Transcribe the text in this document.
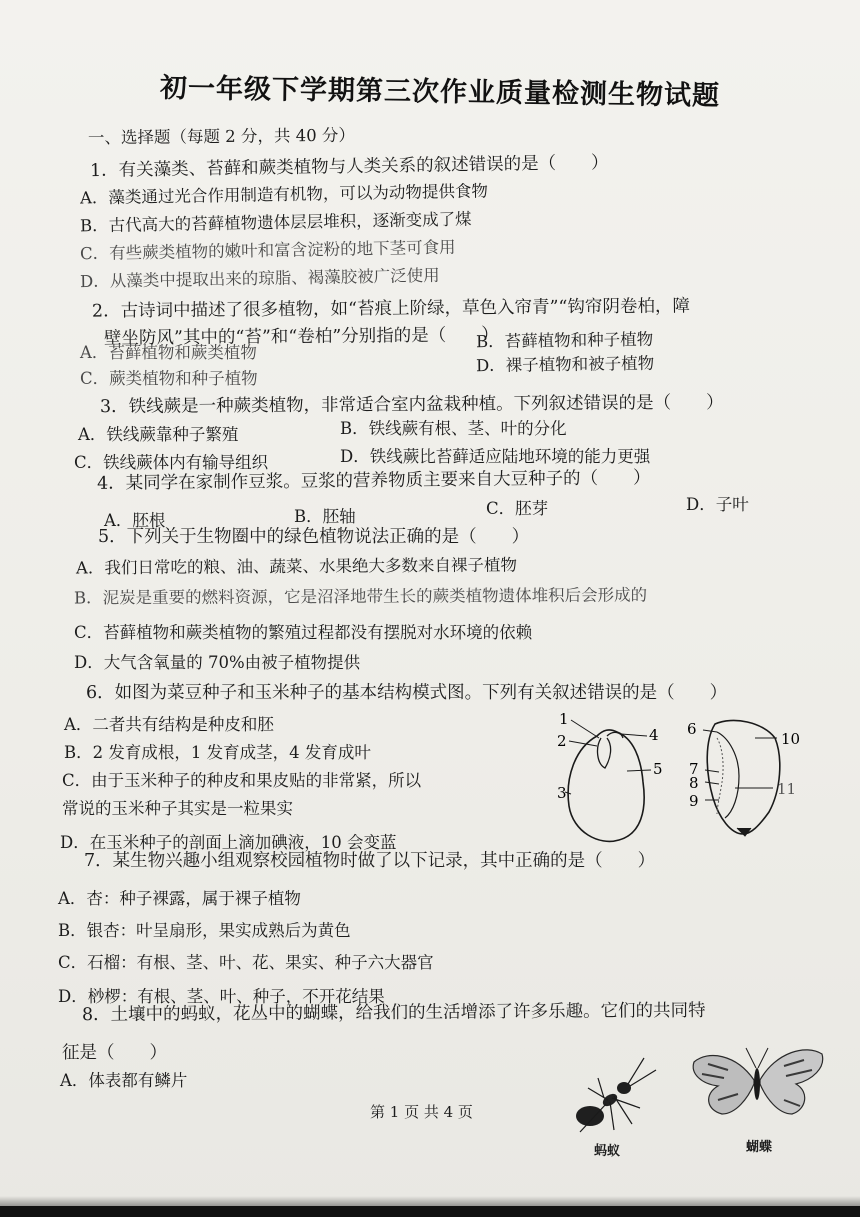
初一年级下学期第三次作业质量检测生物试题
一、选择题（每题 2 分，共 40 分）
1．有关藻类、苔藓和蕨类植物与人类关系的叙述错误的是（　　）
A．藻类通过光合作用制造有机物，可以为动物提供食物
B．古代高大的苔藓植物遗体层层堆积，逐渐变成了煤
C．有些蕨类植物的嫩叶和富含淀粉的地下茎可食用
D．从藻类中提取出来的琼脂、褐藻胶被广泛使用
2．古诗词中描述了很多植物，如“苔痕上阶绿，草色入帘青”“钩帘阴卷柏，障
壁坐防风”其中的“苔”和“卷柏”分别指的是（　　）
A．苔藓植物和蕨类植物
B．苔藓植物和种子植物
C．蕨类植物和种子植物
D．裸子植物和被子植物
3．铁线蕨是一种蕨类植物，非常适合室内盆栽种植。下列叙述错误的是（　　）
A．铁线蕨靠种子繁殖	B．铁线蕨有根、茎、叶的分化
C．铁线蕨体内有输导组织	D．铁线蕨比苔藓适应陆地环境的能力更强
4．某同学在家制作豆浆。豆浆的营养物质主要来自大豆种子的（　　）
A．胚根	B．胚轴	C．胚芽	D．子叶
5．下列关于生物圈中的绿色植物说法正确的是（　　）
A．我们日常吃的粮、油、蔬菜、水果绝大多数来自裸子植物
B．泥炭是重要的燃料资源，它是沼泽地带生长的蕨类植物遗体堆积后会形成的
C．苔藓植物和蕨类植物的繁殖过程都没有摆脱对水环境的依赖
D．大气含氧量的 70%由被子植物提供
6．如图为菜豆种子和玉米种子的基本结构模式图。下列有关叙述错误的是（　　）
A．二者共有结构是种皮和胚
B．2 发育成根，1 发育成茎，4 发育成叶
C．由于玉米种子的种皮和果皮贴的非常紧，所以
常说的玉米种子其实是一粒果实
D．在玉米种子的剖面上滴加碘液，10 会变蓝
1
2
3
4
5
6
10
7
8
9
11
7．某生物兴趣小组观察校园植物时做了以下记录，其中正确的是（　　）
A．杏：种子裸露，属于裸子植物
B．银杏：叶呈扇形，果实成熟后为黄色
C．石榴：有根、茎、叶、花、果实、种子六大器官
D．桫椤：有根、茎、叶、种子，不开花结果
8．土壤中的蚂蚁，花丛中的蝴蝶，给我们的生活增添了许多乐趣。它们的共同特
征是（　　）
A．体表都有鳞片
蚂蚁	蝴蝶
第 1 页 共 4 页
